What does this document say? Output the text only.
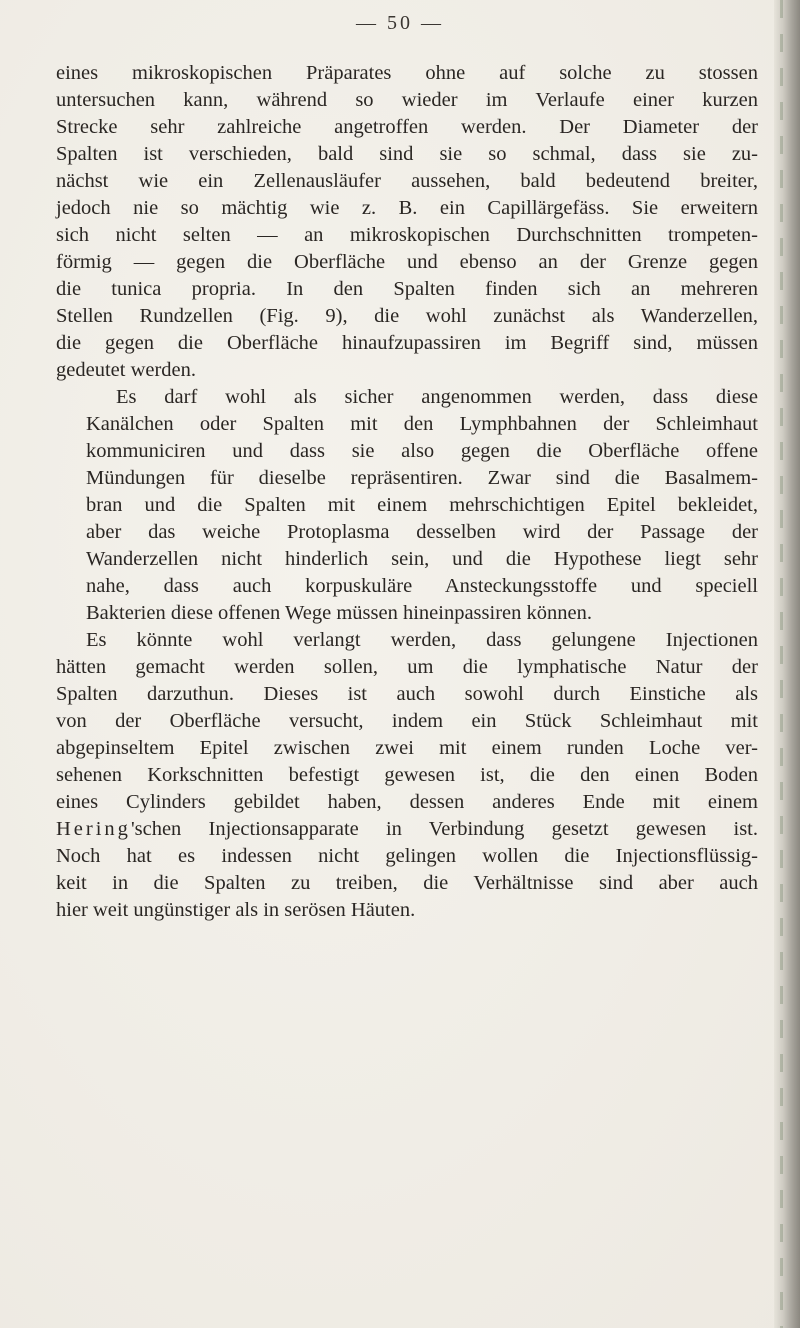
— 50 —

eines mikroskopischen Präparates ohne auf solche zu stossen
untersuchen kann, während so wieder im Verlaufe einer kurzen
Strecke sehr zahlreiche angetroffen werden. Der Diameter der
Spalten ist verschieden, bald sind sie so schmal, dass sie zu-
nächst wie ein Zellenausläufer aussehen, bald bedeutend breiter,
jedoch nie so mächtig wie z. B. ein Capillärgefäss. Sie erweitern
sich nicht selten — an mikroskopischen Durchschnitten trompeten-
förmig — gegen die Oberfläche und ebenso an der Grenze gegen
die tunica propria. In den Spalten finden sich an mehreren
Stellen Rundzellen (Fig. 9), die wohl zunächst als Wanderzellen,
die gegen die Oberfläche hinaufzupassiren im Begriff sind, müssen
gedeutet werden.

Es darf wohl als sicher angenommen werden, dass diese
Kanälchen oder Spalten mit den Lymphbahnen der Schleimhaut
kommuniciren und dass sie also gegen die Oberfläche offene
Mündungen für dieselbe repräsentiren. Zwar sind die Basalmem-
bran und die Spalten mit einem mehrschichtigen Epitel bekleidet,
aber das weiche Protoplasma desselben wird der Passage der
Wanderzellen nicht hinderlich sein, und die Hypothese liegt sehr
nahe, dass auch korpuskuläre Ansteckungsstoffe und speciell
Bakterien diese offenen Wege müssen hineinpassiren können.

Es könnte wohl verlangt werden, dass gelungene Injectionen
hätten gemacht werden sollen, um die lymphatische Natur der
Spalten darzuthun. Dieses ist auch sowohl durch Einstiche als
von der Oberfläche versucht, indem ein Stück Schleimhaut mit
abgepinseltem Epitel zwischen zwei mit einem runden Loche ver-
sehenen Korkschnitten befestigt gewesen ist, die den einen Boden
eines Cylinders gebildet haben, dessen anderes Ende mit einem
Hering'schen Injectionsapparate in Verbindung gesetzt gewesen ist.
Noch hat es indessen nicht gelingen wollen die Injectionsflüssig-
keit in die Spalten zu treiben, die Verhältnisse sind aber auch
hier weit ungünstiger als in serösen Häuten.
